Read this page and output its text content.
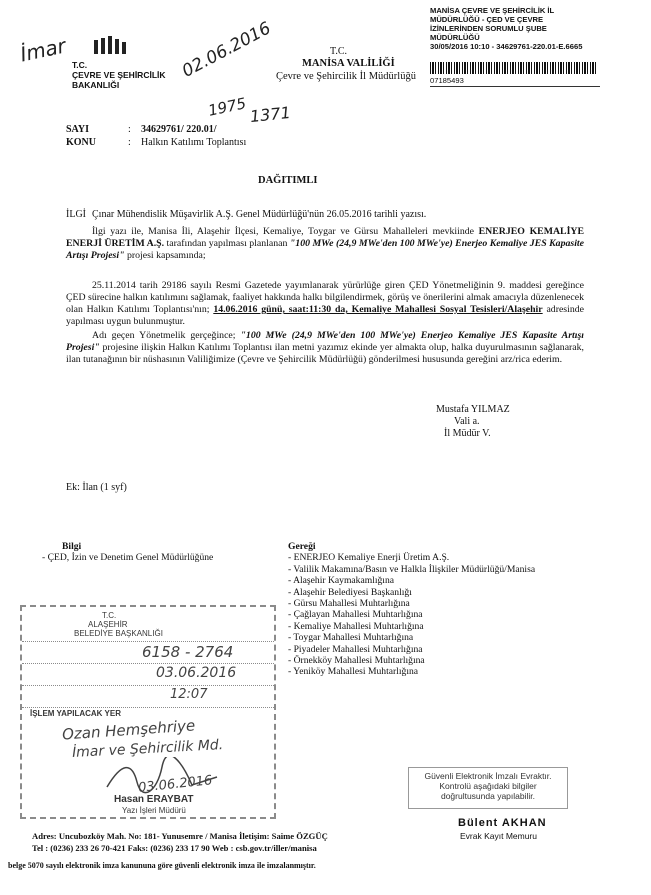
İmar	02.06.2016
1975 1371
T.C.
ÇEVRE VE ŞEHİRCİLİK
BAKANLIĞI
T.C.
MANİSA VALİLİĞİ
Çevre ve Şehircilik İl Müdürlüğü
MANİSA ÇEVRE VE ŞEHİRCİLİK İL
MÜDÜRLÜĞÜ - ÇED VE ÇEVRE
İZİNLERİNDEN SORUMLU ŞUBE
MÜDÜRLÜĞÜ
30/05/2016 10:10 - 34629761-220.01-E.6665
07185493
SAYI	: 34629761/ 220.01/
KONU	: Halkın Katılımı Toplantısı
DAĞITIMLI
İLGİ Çınar Mühendislik Müşavirlik A.Ş. Genel Müdürlüğü'nün 26.05.2016 tarihli yazısı.
İlgi yazı ile, Manisa İli, Alaşehir İlçesi, Kemaliye, Toygar ve Gürsu Mahalleleri mevkiinde ENERJEO KEMALİYE ENERJİ ÜRETİM A.Ş. tarafından yapılması planlanan "100 MWe (24,9 MWe'den 100 MWe'ye) Enerjeo Kemaliye JES Kapasite Artışı Projesi" projesi kapsamında;
25.11.2014 tarih 29186 sayılı Resmi Gazetede yayımlanarak yürürlüğe giren ÇED Yönetmeliğinin 9. maddesi gereğince ÇED sürecine halkın katılımını sağlamak, faaliyet hakkında halkı bilgilendirmek, görüş ve önerilerini almak amacıyla düzenlenecek olan Halkın Katılımı Toplantısı'nın; 14.06.2016 günü, saat:11:30 da, Kemaliye Mahallesi Sosyal Tesisleri/Alaşehir adresinde yapılması uygun bulunmuştur.
Adı geçen Yönetmelik gerçeğince; "100 MWe (24,9 MWe'den 100 MWe'ye) Enerjeo Kemaliye JES Kapasite Artışı Projesi" projesine ilişkin Halkın Katılımı Toplantısı ilan metni yazımız ekinde yer almakta olup, halka duyurulmasının sağlanarak, ilan tutanağının bir nüshasının Valiliğimize (Çevre ve Şehircilik Müdürlüğü) gönderilmesi hususunda gereğini arz/rica ederim.
Mustafa YILMAZ
Vali a.
İl Müdür V.
Ek: İlan (1 syf)
Bilgi
- ÇED, İzin ve Denetim Genel Müdürlüğüne
Gereği
- ENERJEO Kemaliye Enerji Üretim A.Ş.
- Valilik Makamına/Basın ve Halkla İlişkiler Müdürlüğü/Manisa
- Alaşehir Kaymakamlığına
- Alaşehir Belediyesi Başkanlığı
- Gürsu Mahallesi Muhtarlığına
- Çağlayan Mahallesi Muhtarlığına
- Kemaliye Mahallesi Muhtarlığına
- Toygar Mahallesi Muhtarlığına
- Piyadeler Mahallesi Muhtarlığına
- Örnekköy Mahallesi Muhtarlığına
- Yeniköy Mahallesi Muhtarlığına
T.C.
ALAŞEHİR
BELEDİYE BAŞKANLIĞI
6158 - 2764
03.06.2016
12:07
İŞLEM YAPILACAK YER
Ozan Hemşehriye
İmar ve Şehircilik Md.
03.06.2016
Hasan ERAYBAT
Yazı İşleri Müdürü
Güvenli Elektronik İmzalı Evraktır.
Kontrolü aşağıdaki bilgiler
doğrultusunda yapılabilir.
Bülent AKHAN
Evrak Kayıt Memuru
Adres: Uncubozköy Mah. No: 181- Yunusemre / Manisa İletişim: Saime ÖZGÜÇ
Tel : (0236) 233 26 70-421 Faks: (0236) 233 17 90 Web : csb.gov.tr/iller/manisa
belge 5070 sayılı elektronik imza kanununa göre güvenli elektronik imza ile imzalanmıştır.
